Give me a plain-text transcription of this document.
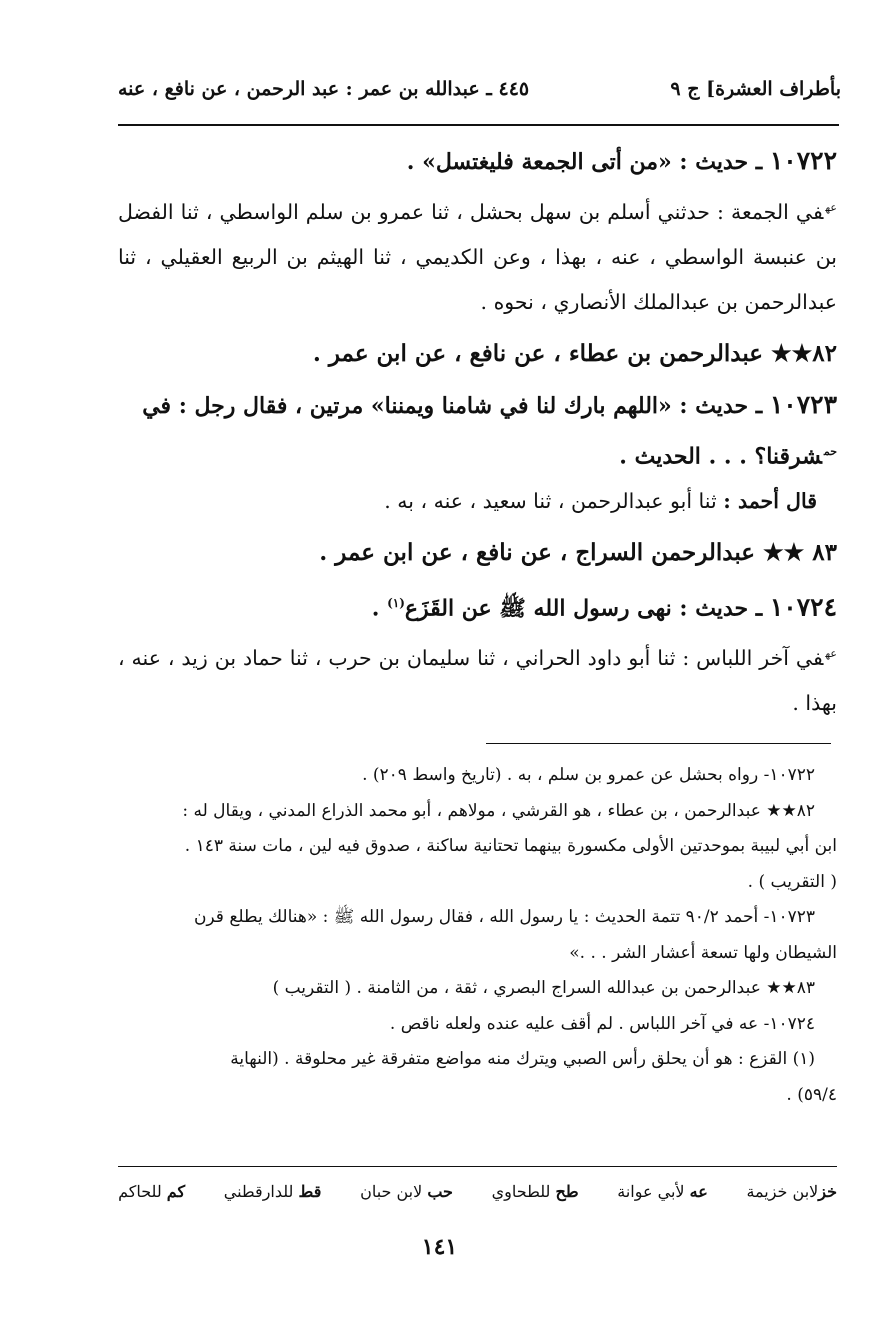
بأطراف العشرة] ج ٩
٤٤٥ ـ عبدالله بن عمر : عبد الرحمن ، عن نافع ، عنه

١٠٧٢٢ ـ حديث : «من أتى الجمعة فليغتسل» .

$^{عه}$في الجمعة : حدثني أسلم بن سهل بحشل ، ثنا عمرو بن سلم الواسطي ، ثنا الفضل بن عنبسة الواسطي ، عنه ، بهذا ، وعن الكديمي ، ثنا الهيثم بن الربيع العقيلي ، ثنا عبدالرحمن بن عبدالملك الأنصاري ، نحوه .

٨٢★★ عبدالرحمن بن عطاء ، عن نافع ، عن ابن عمر .

١٠٧٢٣ ـ حديث : «اللهم بارك لنا في شامنا ويمننا» مرتين ، فقال رجل : في

$^{حم}$شرقنا؟ . . . الحديث .

قال أحمد : ثنا أبو عبدالرحمن ، ثنا سعيد ، عنه ، به .

٨٣ ★★ عبدالرحمن السراج ، عن نافع ، عن ابن عمر .

١٠٧٢٤ ـ حديث : نهى رسول الله ﷺ عن القَزَع$^{(١)}$ .

$^{عه}$في آخر اللباس : ثنا أبو داود الحراني ، ثنا سليمان بن حرب ، ثنا حماد بن زيد ، عنه ، بهذا .

١٠٧٢٢- رواه بحشل عن عمرو بن سلم ، به . (تاريخ واسط ٢٠٩) .

٨٢★★ عبدالرحمن ، بن عطاء ، هو القرشي ، مولاهم ، أبو محمد الذراع المدني ، ويقال له :

ابن أبي لبيبة بموحدتين الأولى مكسورة بينهما تحتانية ساكنة ، صدوق فيه لين ، مات سنة ١٤٣ .

( التقريب ) .

١٠٧٢٣- أحمد ٩٠/٢ تتمة الحديث : يا رسول الله ، فقال رسول الله ﷺ : «هنالك يطلع قرن

الشيطان ولها تسعة أعشار الشر . . .»

٨٣★★ عبدالرحمن بن عبدالله السراج البصري ، ثقة ، من الثامنة . ( التقريب )

١٠٧٢٤- عه في آخر اللباس . لم أقف عليه عنده ولعله ناقص .

(١) القزع : هو أن يحلق رأس الصبي ويترك منه مواضع متفرقة غير محلوقة . (النهاية

٥٩/٤) .

خزلابن خزيمة
عه لأبي عوانة
طح للطحاوي
حب لابن حبان
قط للدارقطني
كم للحاكم
١٤١
